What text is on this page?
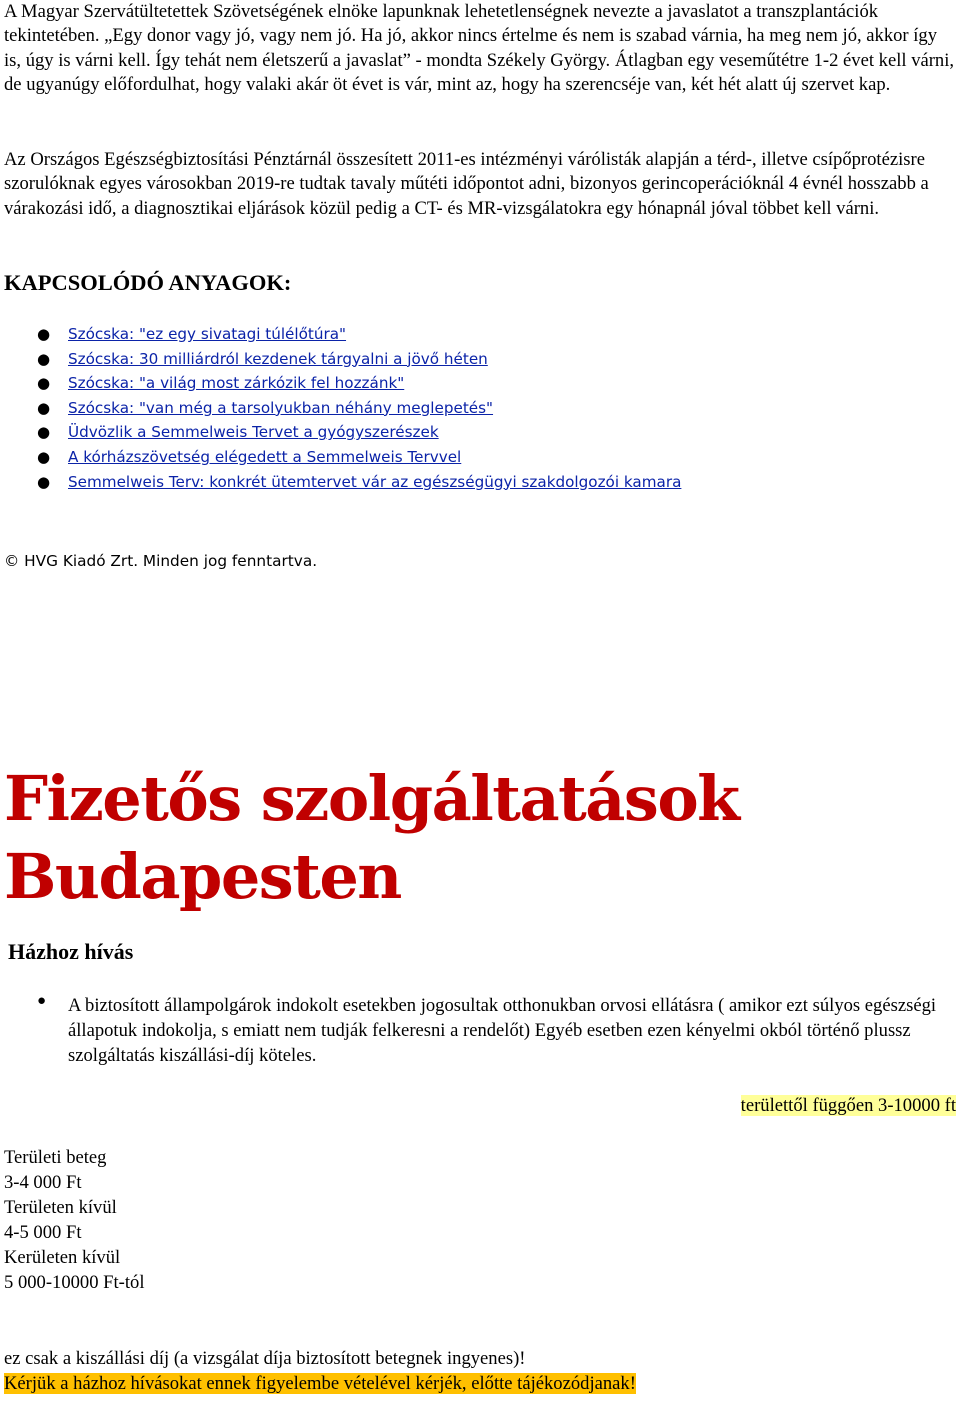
A Magyar Szervátültetettek Szövetségének elnöke lapunknak lehetetlenségnek nevezte a javaslatot a transzplantációk tekintetében. „Egy donor vagy jó, vagy nem jó. Ha jó, akkor nincs értelme és nem is szabad várnia, ha meg nem jó, akkor így is, úgy is várni kell. Így tehát nem életszerű a javaslat” - mondta Székely György. Átlagban egy veseműtétre 1-2 évet kell várni, de ugyanúgy előfordulhat, hogy valaki akár öt évet is vár, mint az, hogy ha szerencséje van, két hét alatt új szervet kap.
Az Országos Egészségbiztosítási Pénztárnál összesített 2011-es intézményi várólisták alapján a térd-, illetve csípőprotézisre szorulóknak egyes városokban 2019-re tudtak tavaly műtéti időpontot adni, bizonyos gerincoperációknál 4 évnél hosszabb a várakozási idő, a diagnosztikai eljárások közül pedig a CT- és MR-vizsgálatokra egy hónapnál jóval többet kell várni.
KAPCSOLÓDÓ ANYAGOK:
● Szócska: "ez egy sivatagi túlélőtúra"
● Szócska: 30 milliárdról kezdenek tárgyalni a jövő héten
● Szócska: "a világ most zárkózik fel hozzánk"
● Szócska: "van még a tarsolyukban néhány meglepetés"
● Üdvözlik a Semmelweis Tervet a gyógyszerészek
● A kórházszövetség elégedett a Semmelweis Tervvel
● Semmelweis Terv: konkrét ütemtervet vár az egészségügyi szakdolgozói kamara
© HVG Kiadó Zrt. Minden jog fenntartva.
Fizetős szolgáltatások Budapesten
Házhoz hívás
● A biztosított állampolgárok indokolt esetekben jogosultak otthonukban orvosi ellátásra ( amikor ezt súlyos egészségi állapotuk indokolja, s emiatt nem tudják felkeresni a rendelőt) Egyéb esetben ezen kényelmi okból történő plussz szolgáltatás kiszállási-díj köteles.
területtől függően 3-10000 ft
Területi beteg
3-4 000 Ft
Területen kívül
4-5 000 Ft
Kerületen kívül
5 000-10000 Ft-tól
ez csak a kiszállási díj (a vizsgálat díja biztosított betegnek ingyenes)!
Kérjük a házhoz hívásokat ennek figyelembe vételével kérjék, előtte tájékozódjanak!
